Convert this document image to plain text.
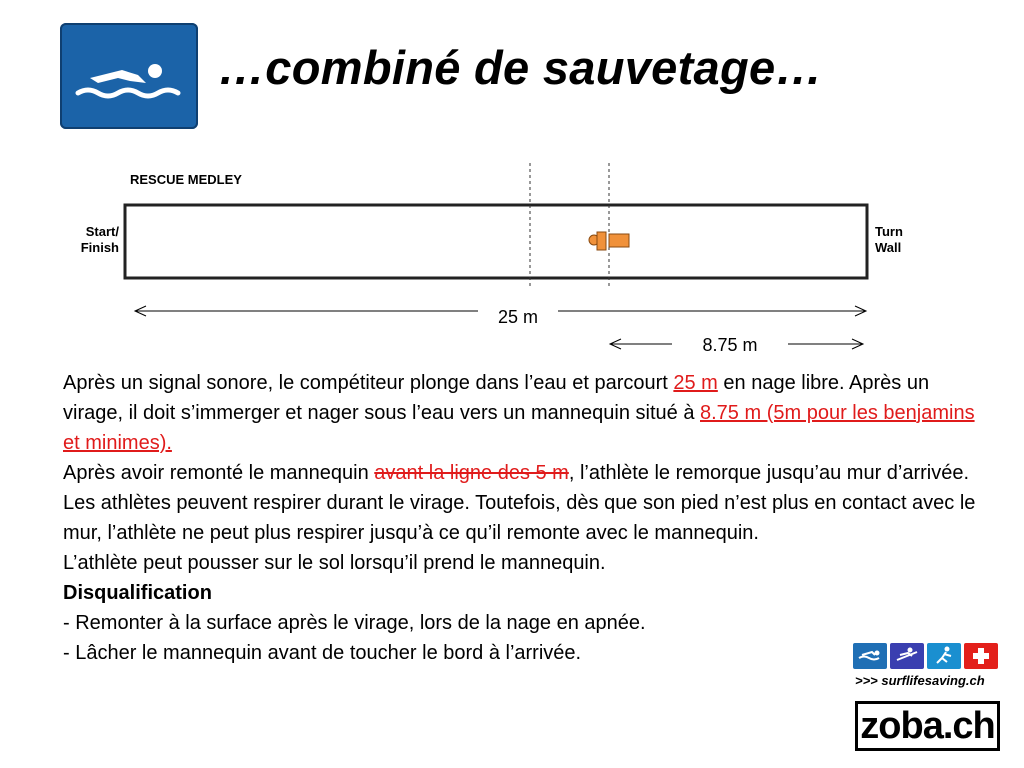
…combiné de sauvetage…
RESCUE MEDLEY
Start/
Finish
Turn
Wall
25 m
8.75 m

Après un signal sonore, le compétiteur plonge dans l’eau et parcourt 25 m en nage libre. Après un virage, il doit s’immerger et nager sous l’eau vers un mannequin situé à 8.75 m (5m pour les benjamins et minimes).

Après avoir remonté le mannequin avant la ligne des 5 m, l’athlète le remorque jusqu’au mur d’arrivée.

Les athlètes peuvent respirer durant le virage. Toutefois, dès que son pied n’est plus en contact avec le mur, l’athlète ne peut plus respirer jusqu’à ce qu’il remonte avec le mannequin.

L’athlète peut pousser sur le sol lorsqu’il prend le mannequin.

Disqualification

- Remonter à la surface après le virage, lors de la nage en apnée.

- Lâcher le mannequin avant de toucher le bord à l’arrivée.

>>> surflifesaving.ch
zoba.ch
